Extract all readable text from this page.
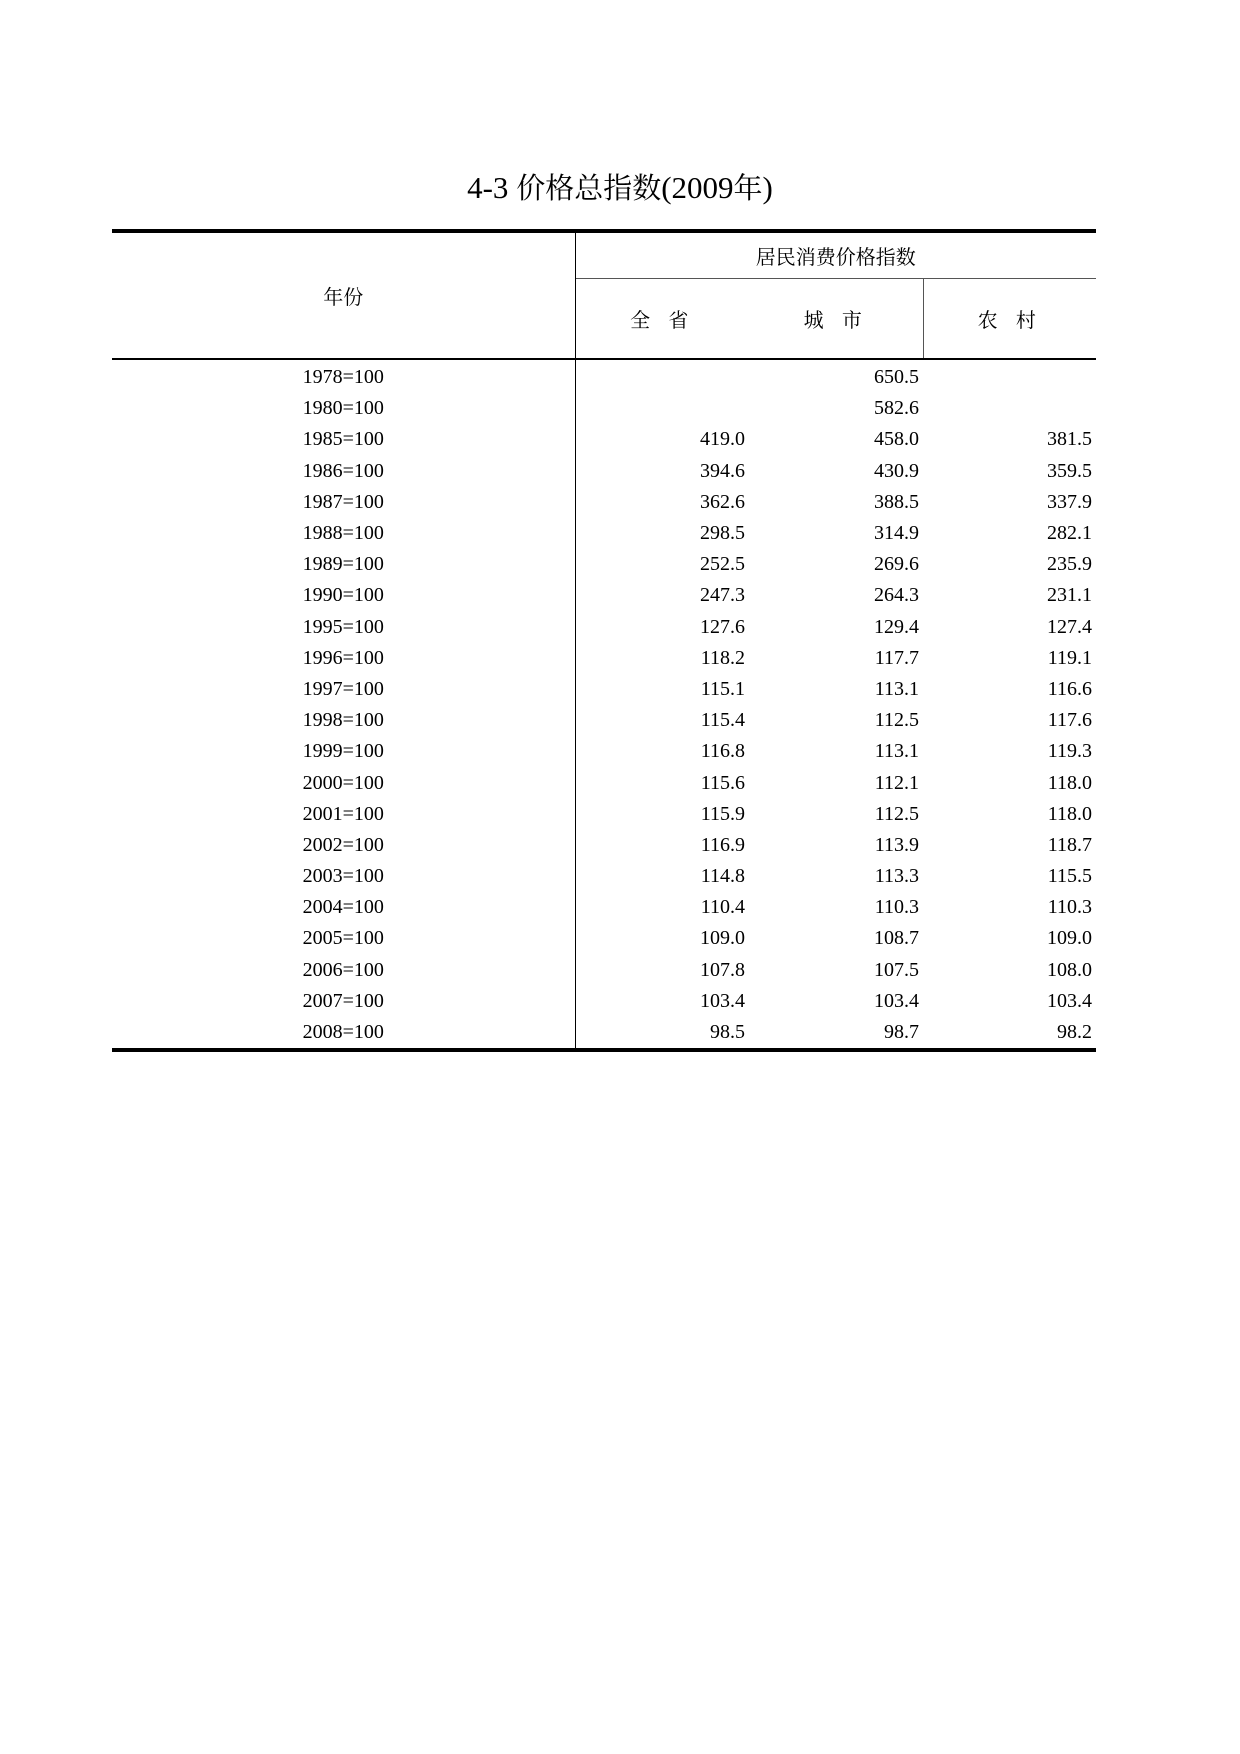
4-3 价格总指数(2009年)
年份	居民消费价格指数		
	全 省	城 市	农 村
1978=100		650.5	
1980=100		582.6	
1985=100	419.0	458.0	381.5
1986=100	394.6	430.9	359.5
1987=100	362.6	388.5	337.9
1988=100	298.5	314.9	282.1
1989=100	252.5	269.6	235.9
1990=100	247.3	264.3	231.1
1995=100	127.6	129.4	127.4
1996=100	118.2	117.7	119.1
1997=100	115.1	113.1	116.6
1998=100	115.4	112.5	117.6
1999=100	116.8	113.1	119.3
2000=100	115.6	112.1	118.0
2001=100	115.9	112.5	118.0
2002=100	116.9	113.9	118.7
2003=100	114.8	113.3	115.5
2004=100	110.4	110.3	110.3
2005=100	109.0	108.7	109.0
2006=100	107.8	107.5	108.0
2007=100	103.4	103.4	103.4
2008=100	98.5	98.7	98.2
